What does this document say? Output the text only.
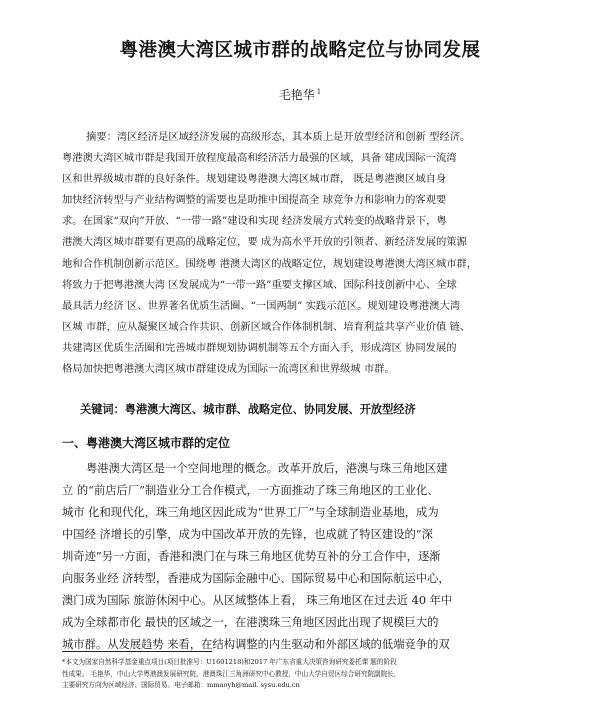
粤港澳大湾区城市群的战略定位与协同发展
毛艳华 $^1$
摘要：湾区经济是区域经济发展的高级形态，其本质上是开放型经济和创新 型经济。
粤港澳大湾区城市群是我国开放程度最高和经济活力最强的区域，具备 建成国际一流湾
区和世界级城市群的良好条件。规划建设粤港澳大湾区城市群， 既是粤港澳区域自身
加快经济转型与产业结构调整的需要也是助推中国提高全 球竞争力和影响力的客观要
求。在国家“双向”开放、“一带一路”建设和实现 经济发展方式转变的战略背景下，粤
港澳大湾区城市群要有更高的战略定位，要 成为高水平开放的引领者、新经济发展的策源
地和合作机制创新示范区。围绕粤 港澳大湾区的战略定位，规划建设粤港澳大湾区城市群，
将致力于把粤港澳大湾 区发展成为“一带一路”重要支撑区域、国际科技创新中心、全球
最具活力经济 区、世界著名优质生活圈、“一国两制” 实践示范区。规划建设粤港澳大湾
区城 市群，应从凝聚区域合作共识、创新区域合作体制机制、培育利益共享产业价值 链、
共建湾区优质生活圈和完善城市群规划协调机制等五个方面入手，形成湾区 协同发展的
格局加快把粤港澳大湾区城市群建设成为国际一流湾区和世界级城 市群。
关键词：粤港澳大湾区、城市群、战略定位、协同发展、开放型经济
一、粤港澳大湾区城市群的定位
粤港澳大湾区是一个空间地理的概念。改革开放后，港澳与珠三角地区建
立 的“前店后厂”制造业分工合作模式，一方面推动了珠三角地区的工业化、
城市 化和现代化，珠三角地区因此成为“世界工厂”与全球制造业基地，成为
中国经 济增长的引擎，成为中国改革开放的先锋，也成就了特区建设的“深
圳奇迹”另一方面，香港和澳门在与珠三角地区优势互补的分工合作中，逐渐
向服务业经 济转型，香港成为国际金融中心、国际贸易中心和国际航运中心，
澳门成为国际 旅游休闲中心。从区域整体上看， 珠三角地区在过去近 40 年中
成为全球都市化 最快的区域之一，在港澳珠三角地区因此出现了规模巨大的
城市群。从发展趋势 来看，在结构调整的内生驱动和外部区域的低端竞争的双
*本文为国家自然科学基金重点项目(项目批准号：U1601218)和2017 年广东省重大决策咨询研究委托课 题的阶段
性成果。 毛艳华，中山大学粤港澳发展研究院，港澳珠江三角洲研究中心教授，中山大学自贸区综合研究院副院长，
主要研究方向为区域经济、国际贸易。电子邮箱：mmaoyh@mail. sysu.edu.cn
